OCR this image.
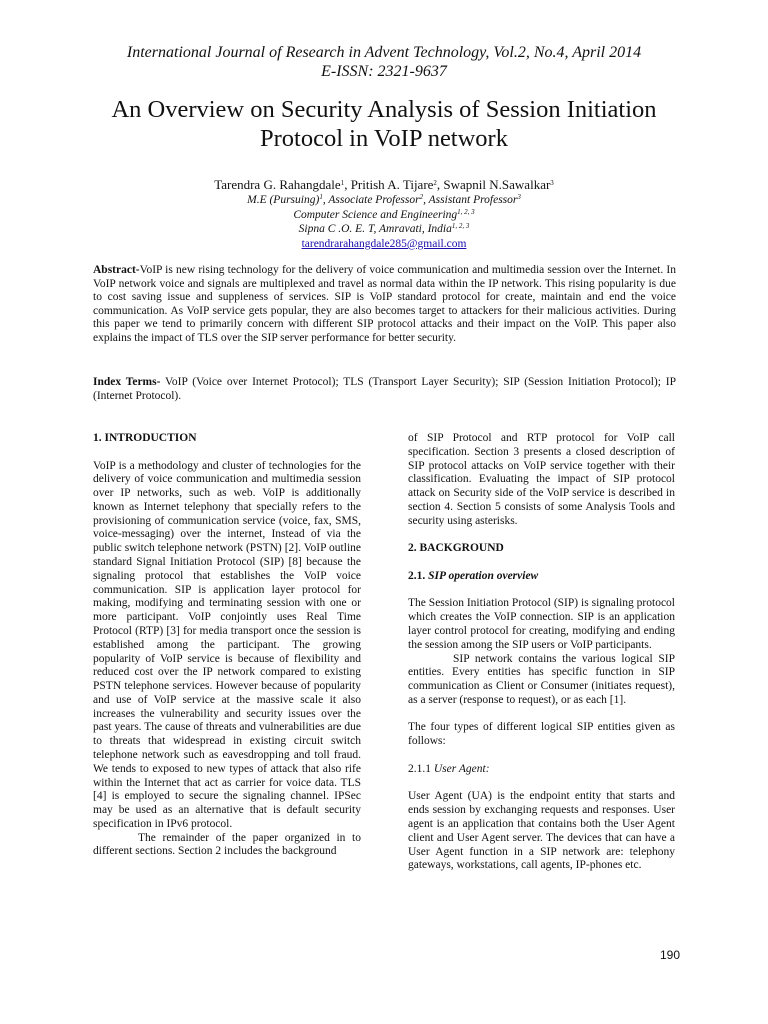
International Journal of Research in Advent Technology, Vol.2, No.4, April 2014
E-ISSN: 2321-9637
An Overview on Security Analysis of Session Initiation
Protocol in VoIP network
Tarendra G. Rahangdale$^1$, Pritish A. Tijare$^2$, Swapnil N.Sawalkar$^3$
M.E (Pursuing)$^1$, Associate Professor$^2$, Assistant Professor$^3$
Computer Science and Engineering$^{1, 2, 3}$
Sipna C .O. E. T, Amravati, India$^{1, 2, 3}$
tarendrarahangdale285@gmail.com
Abstract-VoIP is new rising technology for the delivery of voice communication and multimedia session over the Internet. In VoIP network voice and signals are multiplexed and travel as normal data within the IP network. This rising popularity is due to cost saving issue and suppleness of services. SIP is VoIP standard protocol for create, maintain and end the voice communication. As VoIP service gets popular, they are also becomes target to attackers for their malicious activities. During this paper we tend to primarily concern with different SIP protocol attacks and their impact on the VoIP. This paper also explains the impact of TLS over the SIP server performance for better security.
Index Terms- VoIP (Voice over Internet Protocol); TLS (Transport Layer Security); SIP (Session Initiation Protocol); IP (Internet Protocol).

1. INTRODUCTION

VoIP is a methodology and cluster of technologies for the delivery of voice communication and multimedia session over IP networks, such as web. VoIP is additionally known as Internet telephony that specially refers to the provisioning of communication service (voice, fax, SMS, voice-messaging) over the internet, Instead of via the public switch telephone network (PSTN) [2]. VoIP outline standard Signal Initiation Protocol (SIP) [8] because the signaling protocol that establishes the VoIP voice communication. SIP is application layer protocol for making, modifying and terminating session with one or more participant. VoIP conjointly uses Real Time Protocol (RTP) [3] for media transport once the session is established among the participant. The growing popularity of VoIP service is because of flexibility and reduced cost over the IP network compared to existing PSTN telephone services. However because of popularity and use of VoIP service at the massive scale it also increases the vulnerability and security issues over the past years. The cause of threats and vulnerabilities are due to threats that widespread in existing circuit switch telephone network such as eavesdropping and toll fraud. We tends to exposed to new types of attack that also rife within the Internet that act as carrier for voice data. TLS [4] is employed to secure the signaling channel. IPSec may be used as an alternative that is default security specification in IPv6 protocol.

The remainder of the paper organized in to different sections. Section 2 includes the background

of SIP Protocol and RTP protocol for VoIP call specification. Section 3 presents a closed description of SIP protocol attacks on VoIP service together with their classification. Evaluating the impact of SIP protocol attack on Security side of the VoIP service is described in section 4. Section 5 consists of some Analysis Tools and security using asterisks.

2. BACKGROUND

2.1. SIP operation overview

The Session Initiation Protocol (SIP) is signaling protocol which creates the VoIP connection. SIP is an application layer control protocol for creating, modifying and ending the session among the SIP users or VoIP participants.

SIP network contains the various logical SIP entities. Every entities has specific function in SIP communication as Client or Consumer (initiates request), as a server (response to request), or as each [1].

The four types of different logical SIP entities given as follows:

2.1.1 User Agent:

User Agent (UA) is the endpoint entity that starts and ends session by exchanging requests and responses. User agent is an application that contains both the User Agent client and User Agent server. The devices that can have a User Agent function in a SIP network are: telephony gateways, workstations, call agents, IP-phones etc.

190
